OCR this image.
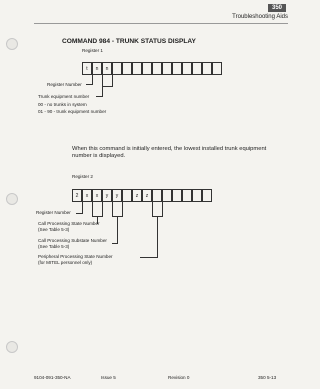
350
Troubleshooting Aids
COMMAND 984 - TRUNK STATUS DISPLAY
Register 1
t	n	n
Register Number
Trunk equipment number
00 - no trunks in system
01 - 90 - trunk equipment number
When this command is initially entered, the lowest installed trunk equipment number is displayed.
Register 2
2	x	x	y	y	z	z
Register Number
Call Processing State Number
(See Table 5-3)
Call Processing Substate Number
(See Table 5-3)
Peripheral Processing State Number
(for MITEL personnel only)
9104-091-350-NA	Issue 5	Revision 0	350 5-13
